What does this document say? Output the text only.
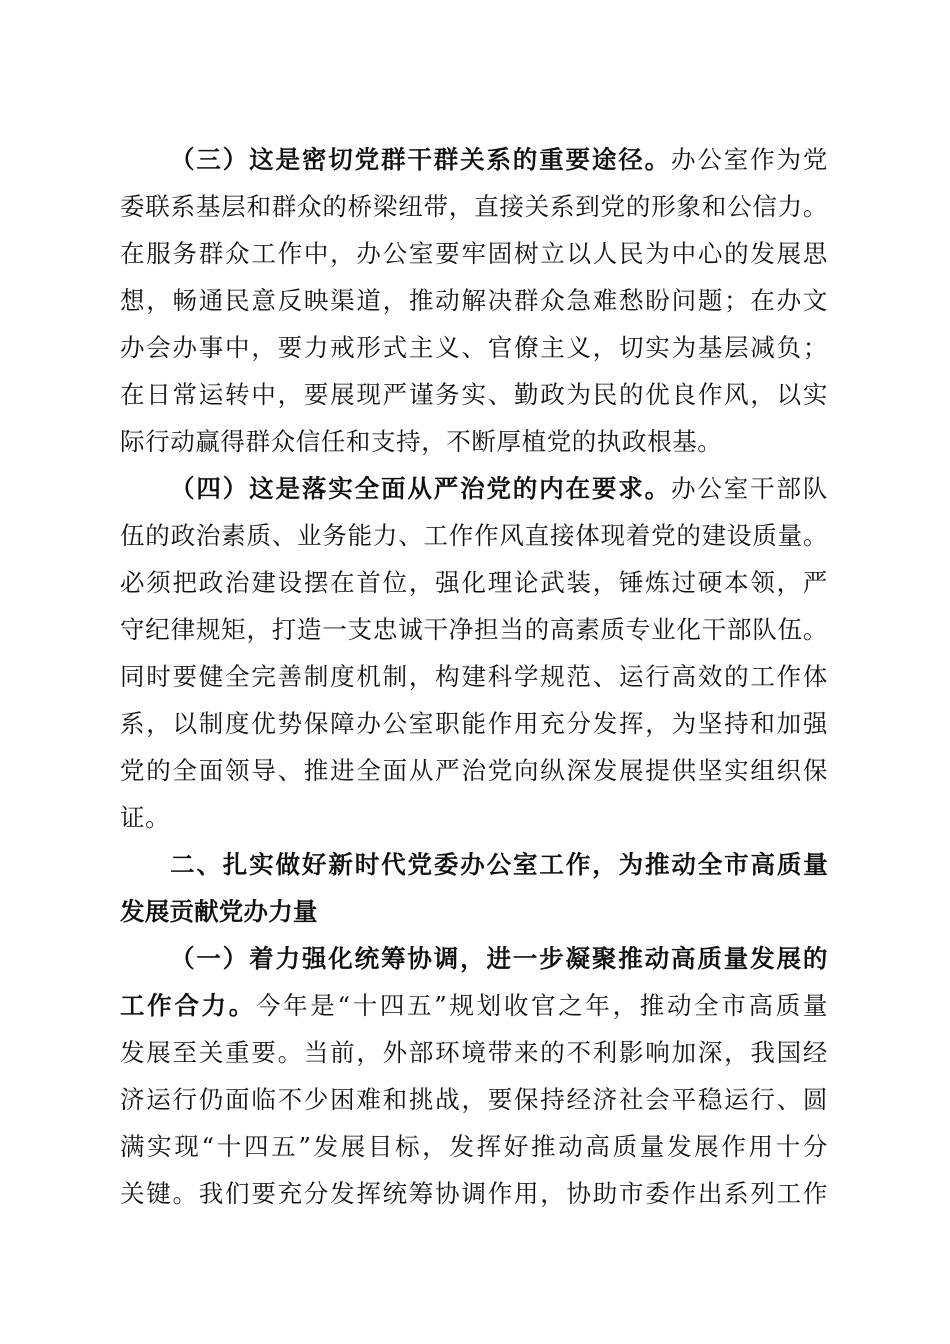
（三）这是密切党群干群关系的重要途径。办公室作为党
委联系基层和群众的桥梁纽带，直接关系到党的形象和公信力。
在服务群众工作中，办公室要牢固树立以人民为中心的发展思
想，畅通民意反映渠道，推动解决群众急难愁盼问题；在办文
办会办事中，要力戒形式主义、官僚主义，切实为基层减负；
在日常运转中，要展现严谨务实、勤政为民的优良作风，以实
际行动赢得群众信任和支持，不断厚植党的执政根基。
（四）这是落实全面从严治党的内在要求。办公室干部队
伍的政治素质、业务能力、工作作风直接体现着党的建设质量。
必须把政治建设摆在首位，强化理论武装，锤炼过硬本领，严
守纪律规矩，打造一支忠诚干净担当的高素质专业化干部队伍。
同时要健全完善制度机制，构建科学规范、运行高效的工作体
系，以制度优势保障办公室职能作用充分发挥，为坚持和加强
党的全面领导、推进全面从严治党向纵深发展提供坚实组织保
证。
二、扎实做好新时代党委办公室工作，为推动全市高质量
发展贡献党办力量
（一）着力强化统筹协调，进一步凝聚推动高质量发展的
工作合力。今年是“十四五”规划收官之年，推动全市高质量
发展至关重要。当前，外部环境带来的不利影响加深，我国经
济运行仍面临不少困难和挑战，要保持经济社会平稳运行、圆
满实现“十四五”发展目标，发挥好推动高质量发展作用十分
关键。我们要充分发挥统筹协调作用，协助市委作出系列工作
